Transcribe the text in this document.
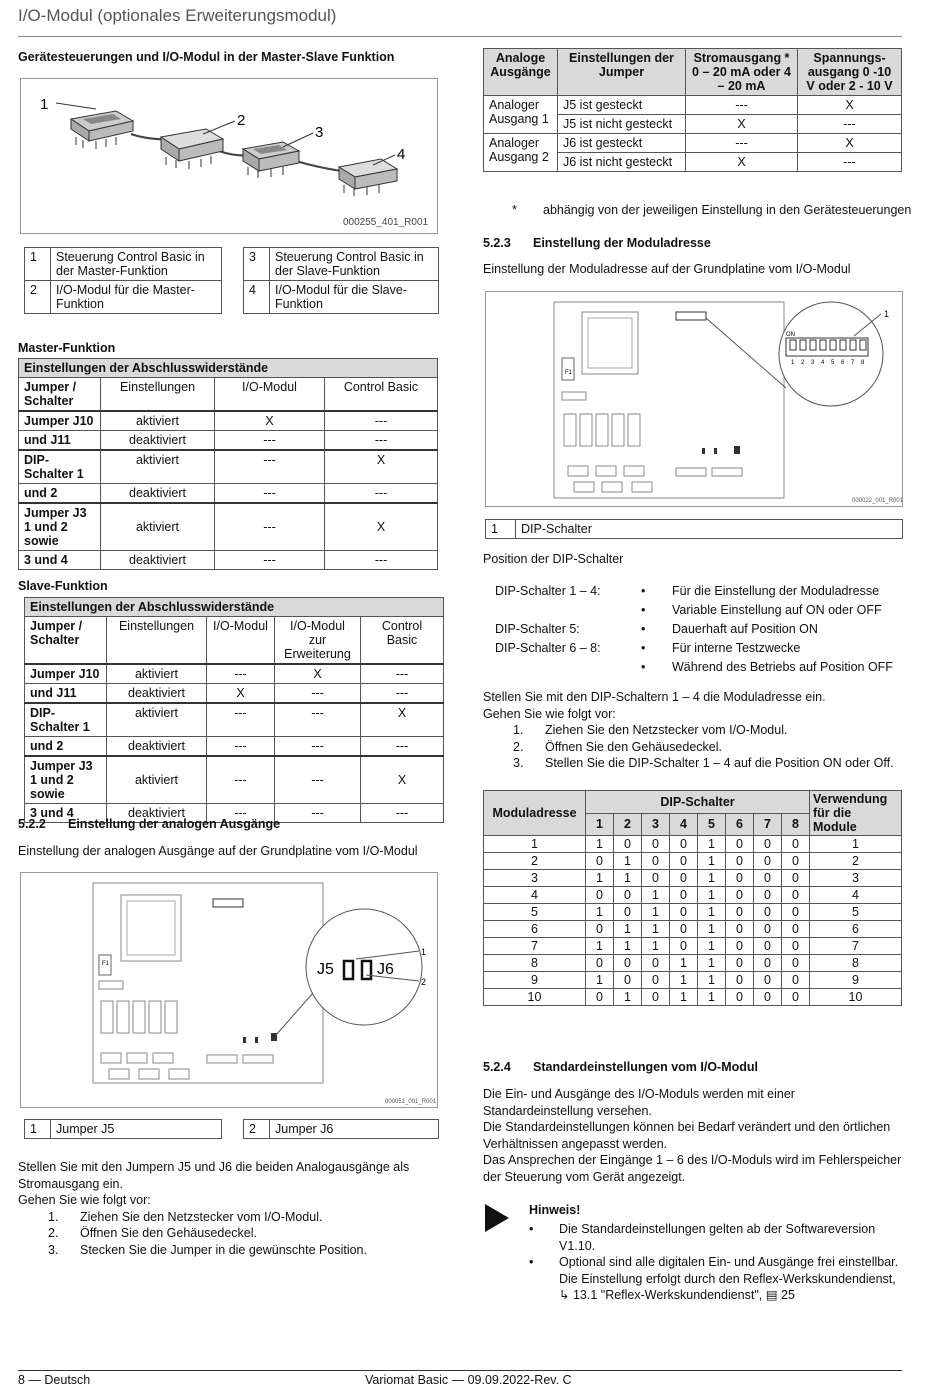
I/O-Modul (optionales Erweiterungsmodul)
Gerätesteuerungen und I/O-Modul in der Master-Slave Funktion
1
2
3
4
000255_401_R001
1	Steuerung Control Basic in der Master-Funktion
2	I/O-Modul für die Master-Funktion
3	Steuerung Control Basic in der Slave-Funktion
4	I/O-Modul für die Slave-Funktion
Master-Funktion
Einstellungen der Abschlusswiderstände			
Jumper / Schalter	Einstellungen	I/O-Modul	Control Basic
Jumper J10	aktiviert	X	---
und J11	deaktiviert	---	---
DIP-Schalter 1	aktiviert	---	X
und 2	deaktiviert	---	---
Jumper J3
1 und 2 sowie	aktiviert	---	X
3 und 4	deaktiviert	---	---
Slave-Funktion
Einstellungen der Abschlusswiderstände				
Jumper / Schalter	Einstellungen	I/O-Modul	I/O-Modul zur Erweiterung	Control Basic
Jumper J10	aktiviert	---	X	---
und J11	deaktiviert	X	---	---
DIP-Schalter 1	aktiviert	---	---	X
und 2	deaktiviert	---	---	---
Jumper J3
1 und 2 sowie	aktiviert	---	---	X
3 und 4	deaktiviert	---	---	---
5.2.2 Einstellung der analogen Ausgänge
Einstellung der analogen Ausgänge auf der Grundplatine vom I/O-Modul
F1	J5	J6
1
2
000051_001_R001
1	Jumper J5	2	Jumper J6

Stellen Sie mit den Jumpern J5 und J6 die beiden Analogausgänge als Stromausgang ein.

Gehen Sie wie folgt vor:

1. Ziehen Sie den Netzstecker vom I/O-Modul.
2. Öffnen Sie den Gehäusedeckel.
3. Stecken Sie die Jumper in die gewünschte Position.
Analoge Ausgänge	Einstellungen der Jumper	Stromausgang * 0 – 20 mA oder 4 – 20 mA	Spannungs-ausgang 0 -10 V oder 2 - 10 V
Analoger Ausgang 1	J5 ist gesteckt	---	X
	J5 ist nicht gesteckt	X	---
Analoger Ausgang 2	J6 ist gesteckt	---	X
	J6 ist nicht gesteckt	X	---
* abhängig von der jeweiligen Einstellung in den Gerätesteuerungen
5.2.3 Einstellung der Moduladresse
Einstellung der Moduladresse auf der Grundplatine vom I/O-Modul
F1
ON
1 2 3 4 5 6 7 8
1
000022_001_R001
1	DIP-Schalter
Position der DIP-Schalter
DIP-Schalter 1 – 4:	• Für die Einstellung der Moduladresse
• Variable Einstellung auf ON oder OFF
DIP-Schalter 5:	• Dauerhaft auf Position ON
DIP-Schalter 6 – 8:	• Für interne Testzwecke
• Während des Betriebs auf Position OFF

Stellen Sie mit den DIP-Schaltern 1 – 4 die Moduladresse ein.

Gehen Sie wie folgt vor:

1. Ziehen Sie den Netzstecker vom I/O-Modul.
2. Öffnen Sie den Gehäusedeckel.
3. Stellen Sie die DIP-Schalter 1 – 4 auf die Position ON oder Off.
Moduladresse	DIP-Schalter								Verwendung für die Module
	1	2	3	4	5	6	7	8	
1	1	0	0	0	1	0	0	0	1
2	0	1	0	0	1	0	0	0	2
3	1	1	0	0	1	0	0	0	3
4	0	0	1	0	1	0	0	0	4
5	1	0	1	0	1	0	0	0	5
6	0	1	1	0	1	0	0	0	6
7	1	1	1	0	1	0	0	0	7
8	0	0	0	1	1	0	0	0	8
9	1	0	0	1	1	0	0	0	9
10	0	1	0	1	1	0	0	0	10
5.2.4 Standardeinstellungen vom I/O-Modul

Die Ein- und Ausgänge des I/O-Moduls werden mit einer Standardeinstellung versehen.

Die Standardeinstellungen können bei Bedarf verändert und den örtlichen Verhältnissen angepasst werden.

Das Ansprechen der Eingänge 1 – 6 des I/O-Moduls wird im Fehlerspeicher der Steuerung vom Gerät angezeigt.

Hinweis!
• Die Standardeinstellungen gelten ab der Softwareversion V1.10.
• Optional sind alle digitalen Ein- und Ausgänge frei einstellbar. Die Einstellung erfolgt durch den Reflex-Werkskundendienst, ↳ 13.1 "Reflex-Werkskundendienst", ▤ 25
8 — Deutsch	Variomat Basic — 09.09.2022-Rev. C
